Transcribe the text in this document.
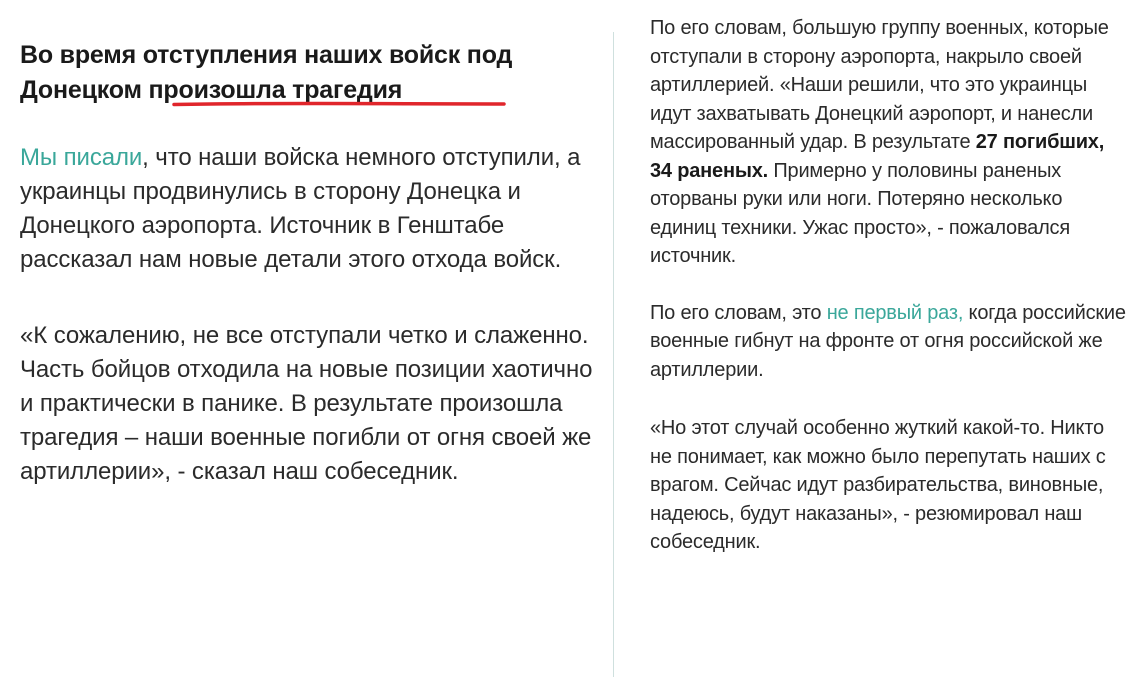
Во время отступления наших войск под Донецком произошла трагедия

Мы писали, что наши войска немного отступили, а украинцы продвинулись в сторону Донецка и Донецкого аэропорта. Источник в Генштабе рассказал нам новые детали этого отхода войск.

«К сожалению, не все отступали четко и слаженно. Часть бойцов отходила на новые позиции хаотично и практически в панике. В результате произошла трагедия – наши военные погибли от огня своей же артиллерии», - сказал наш собеседник.

По его словам, большую группу военных, которые отступали в сторону аэропорта, накрыло своей артиллерией. «Наши решили, что это украинцы идут захватывать Донецкий аэропорт, и нанесли массированный удар. В результате 27 погибших, 34 раненых. Примерно у половины раненых оторваны руки или ноги. Потеряно несколько единиц техники. Ужас просто», - пожаловался источник.

По его словам, это не первый раз, когда российские военные гибнут на фронте от огня российской же артиллерии.

«Но этот случай особенно жуткий какой-то. Никто не понимает, как можно было перепутать наших с врагом. Сейчас идут разбирательства, виновные, надеюсь, будут наказаны», - резюмировал наш собеседник.
